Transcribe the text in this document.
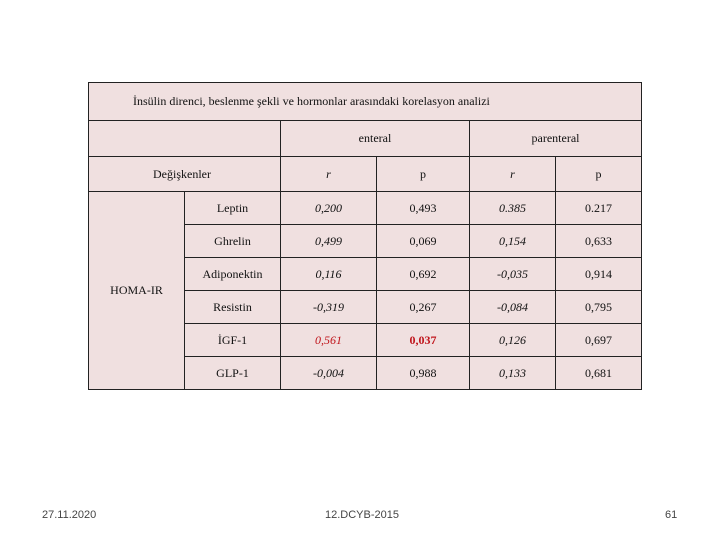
İnsülin direnci, beslenme şekli ve hormonlar arasındaki korelasyon analizi					
		enteral		parenteral	
Değişkenler		r	p	r	p
HOMA-IR	Leptin	0,200	0,493	0.385	0.217
	Ghrelin	0,499	0,069	0,154	0,633
	Adiponektin	0,116	0,692	-0,035	0,914
	Resistin	-0,319	0,267	-0,084	0,795
	İGF-1	0,561	0,037	0,126	0,697
	GLP-1	-0,004	0,988	0,133	0,681
27.11.2020	12.DCYB-2015	61
